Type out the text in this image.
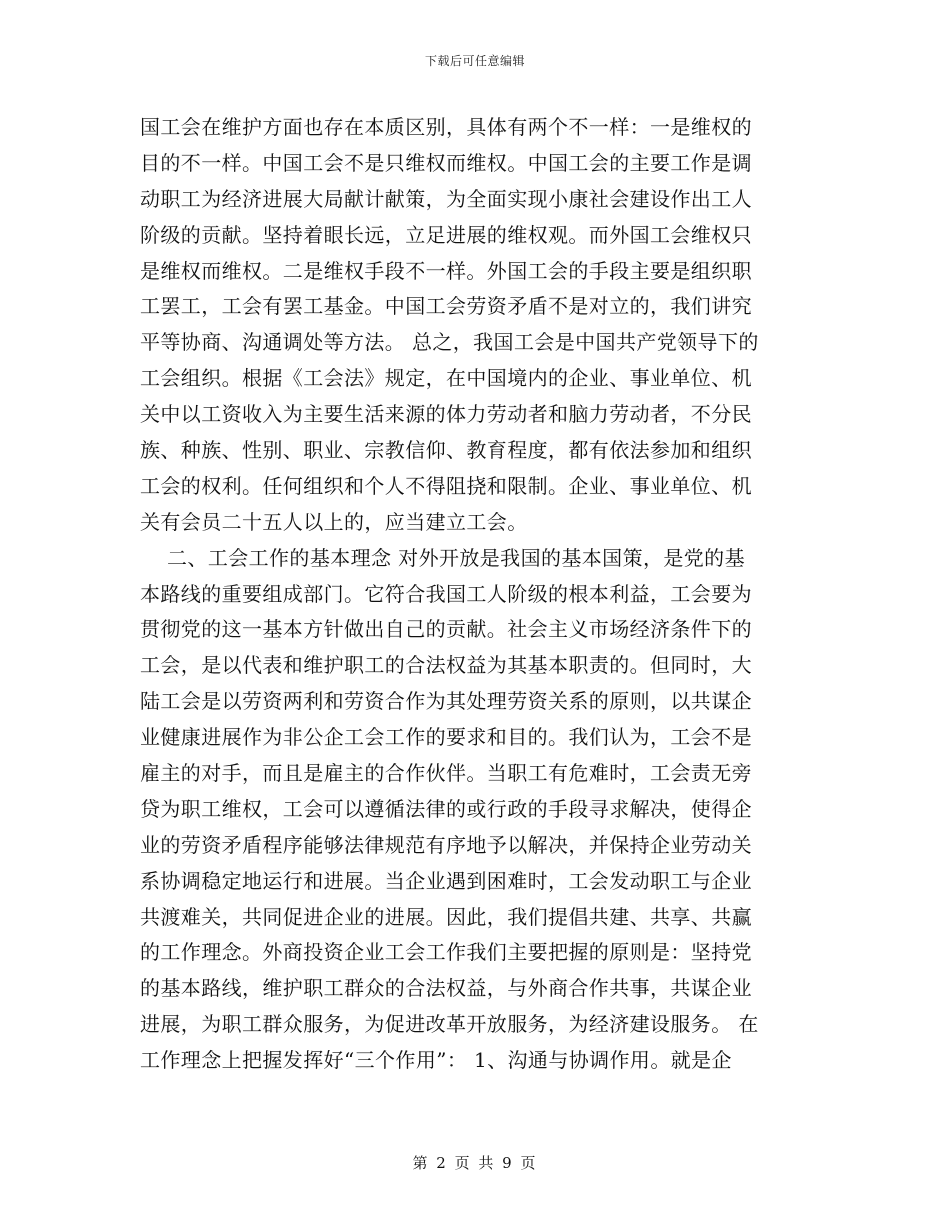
下载后可任意编辑
国工会在维护方面也存在本质区别，具体有两个不一样：一是维权的
目的不一样。中国工会不是只维权而维权。中国工会的主要工作是调
动职工为经济进展大局献计献策，为全面实现小康社会建设作出工人
阶级的贡献。坚持着眼长远，立足进展的维权观。而外国工会维权只
是维权而维权。二是维权手段不一样。外国工会的手段主要是组织职
工罢工，工会有罢工基金。中国工会劳资矛盾不是对立的，我们讲究
平等协商、沟通调处等方法。 总之，我国工会是中国共产党领导下的
工会组织。根据《工会法》规定，在中国境内的企业、事业单位、机
关中以工资收入为主要生活来源的体力劳动者和脑力劳动者，不分民
族、种族、性别、职业、宗教信仰、教育程度，都有依法参加和组织
工会的权利。任何组织和个人不得阻挠和限制。企业、事业单位、机
关有会员二十五人以上的，应当建立工会。
二、工会工作的基本理念 对外开放是我国的基本国策，是党的基
本路线的重要组成部门。它符合我国工人阶级的根本利益，工会要为
贯彻党的这一基本方针做出自己的贡献。社会主义市场经济条件下的
工会，是以代表和维护职工的合法权益为其基本职责的。但同时，大
陆工会是以劳资两利和劳资合作为其处理劳资关系的原则，以共谋企
业健康进展作为非公企工会工作的要求和目的。我们认为，工会不是
雇主的对手，而且是雇主的合作伙伴。当职工有危难时，工会责无旁
贷为职工维权，工会可以遵循法律的或行政的手段寻求解决，使得企
业的劳资矛盾程序能够法律规范有序地予以解决，并保持企业劳动关
系协调稳定地运行和进展。当企业遇到困难时，工会发动职工与企业
共渡难关，共同促进企业的进展。因此，我们提倡共建、共享、共赢
的工作理念。外商投资企业工会工作我们主要把握的原则是：坚持党
的基本路线，维护职工群众的合法权益，与外商合作共事，共谋企业
进展，为职工群众服务，为促进改革开放服务，为经济建设服务。 在
工作理念上把握发挥好“三个作用”： 1、沟通与协调作用。就是企
第 2 页 共 9 页
